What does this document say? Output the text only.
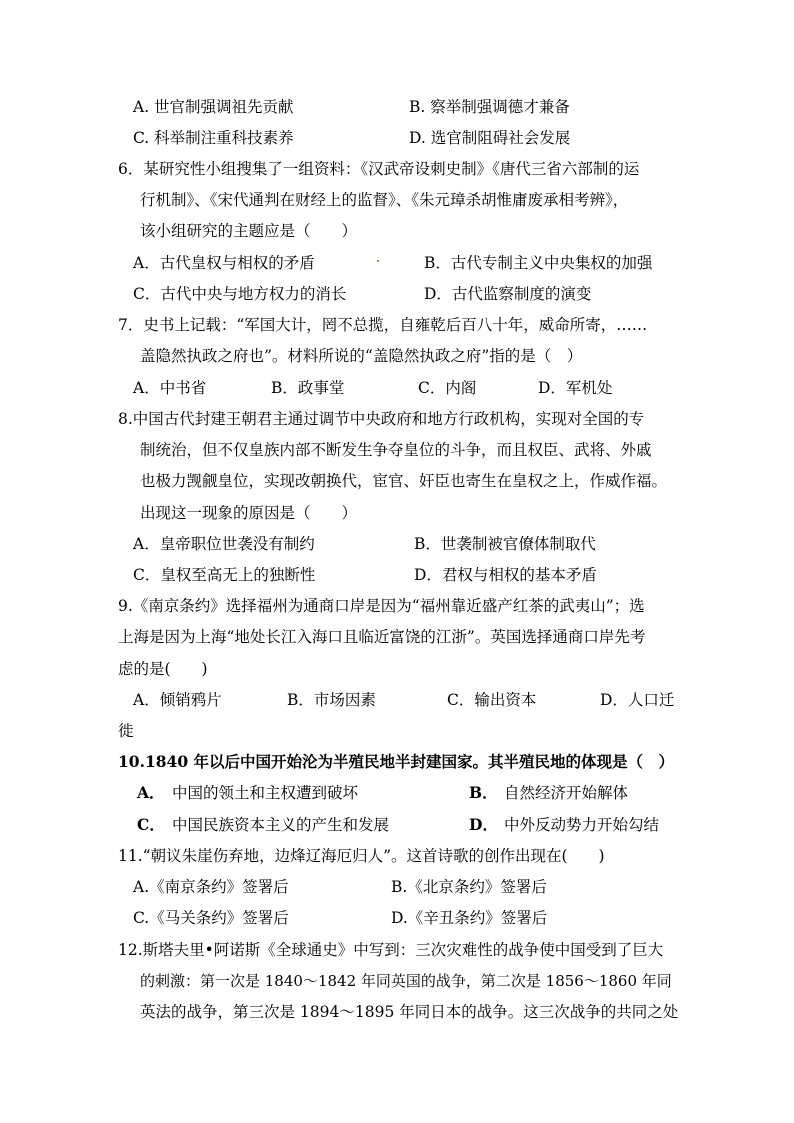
A. 世官制强调祖先贡献	B. 察举制强调德才兼备
C. 科举制注重科技素养	D. 选官制阻碍社会发展
6．某研究性小组搜集了一组资料：《汉武帝设刺史制》《唐代三省六部制的运
行机制》、《宋代通判在财经上的监督》、《朱元璋杀胡惟庸废承相考辨》，
该小组研究的主题应是（　　）
A．古代皇权与相权的矛盾	B．古代专制主义中央集权的加强
C．古代中央与地方权力的消长	D．古代监察制度的演变
7．史书上记载：“军国大计，罔不总揽，自雍乾后百八十年，威命所寄，……
盖隐然执政之府也”。材料所说的“盖隐然执政之府”指的是（　）
A．中书省	B．政事堂	C．内阁	D．军机处
8.中国古代封建王朝君主通过调节中央政府和地方行政机构，实现对全国的专
制统治，但不仅皇族内部不断发生争夺皇位的斗争，而且权臣、武将、外戚
也极力觊觎皇位，实现改朝换代，宦官、奸臣也寄生在皇权之上，作威作福。
出现这一现象的原因是（　　）
A．皇帝职位世袭没有制约	B．世袭制被官僚体制取代
C．皇权至高无上的独断性	D．君权与相权的基本矛盾
9.《南京条约》选择福州为通商口岸是因为“福州靠近盛产红茶的武夷山”；选
上海是因为上海“地处长江入海口且临近富饶的江浙”。英国选择通商口岸先考
虑的是(　　)
A．倾销鸦片	B．市场因素	C．输出资本	D．人口迁
徙
10.1840 年以后中国开始沦为半殖民地半封建国家。其半殖民地的体现是（　）
A． 中国的领土和主权遭到破坏	B． 自然经济开始解体
C． 中国民族资本主义的产生和发展	D． 中外反动势力开始勾结
11.“朝议朱崖伤弃地，边烽辽海厄归人”。这首诗歌的创作出现在(　　)
A.《南京条约》签署后	B.《北京条约》签署后
C.《马关条约》签署后	D.《辛丑条约》签署后
12.斯塔夫里•阿诺斯《全球通史》中写到：三次灾难性的战争使中国受到了巨大
的刺激：第一次是 1840～1842 年同英国的战争，第二次是 1856～1860 年同
英法的战争，第三次是 1894～1895 年同日本的战争。这三次战争的共同之处
